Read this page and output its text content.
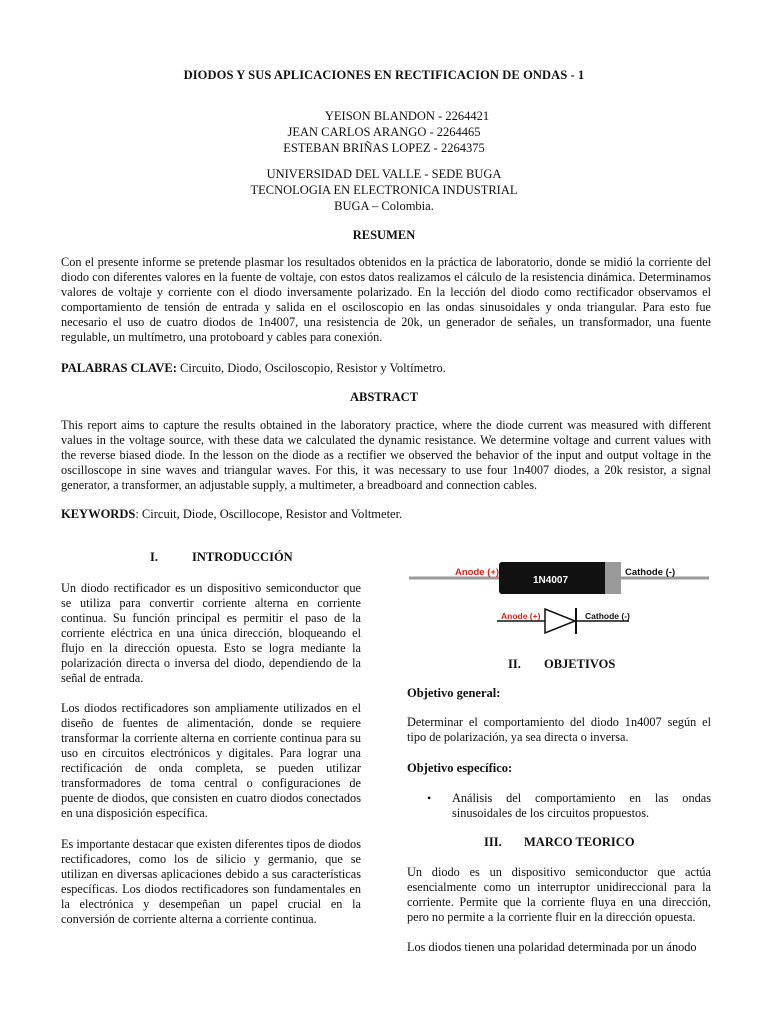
DIODOS Y SUS APLICACIONES EN RECTIFICACION DE ONDAS - 1
YEISON BLANDON - 2264421
JEAN CARLOS ARANGO - 2264465
ESTEBAN BRIÑAS LOPEZ - 2264375
UNIVERSIDAD DEL VALLE - SEDE BUGA
TECNOLOGIA EN ELECTRONICA INDUSTRIAL
BUGA – Colombia.
RESUMEN

Con el presente informe se pretende plasmar los resultados obtenidos en la práctica de laboratorio, donde se midió la corriente del diodo con diferentes valores en la fuente de voltaje, con estos datos realizamos el cálculo de la resistencia dinámica. Determinamos valores de voltaje y corriente con el diodo inversamente polarizado. En la lección del diodo como rectificador observamos el comportamiento de tensión de entrada y salida en el osciloscopio en las ondas sinusoidales y onda triangular. Para esto fue necesario el uso de cuatro diodos de 1n4007, una resistencia de 20k, un generador de señales, un transformador, una fuente regulable, un multímetro, una protoboard y cables para conexión.

PALABRAS CLAVE: Circuito, Diodo, Osciloscopio, Resistor y Voltímetro.
ABSTRACT

This report aims to capture the results obtained in the laboratory practice, where the diode current was measured with different values in the voltage source, with these data we calculated the dynamic resistance. We determine voltage and current values with the reverse biased diode. In the lesson on the diode as a rectifier we observed the behavior of the input and output voltage in the oscilloscope in sine waves and triangular waves. For this, it was necessary to use four 1n4007 diodes, a 20k resistor, a signal generator, a transformer, an adjustable supply, a multimeter, a breadboard and connection cables.

KEYWORDS: Circuit, Diode, Oscillocope, Resistor and Voltmeter.
I.	INTRODUCCIÓN

Un diodo rectificador es un dispositivo semiconductor que se utiliza para convertir corriente alterna en corriente continua. Su función principal es permitir el paso de la corriente eléctrica en una única dirección, bloqueando el flujo en la dirección opuesta. Esto se logra mediante la polarización directa o inversa del diodo, dependiendo de la señal de entrada.

Los diodos rectificadores son ampliamente utilizados en el diseño de fuentes de alimentación, donde se requiere transformar la corriente alterna en corriente continua para su uso en circuitos electrónicos y digitales. Para lograr una rectificación de onda completa, se pueden utilizar transformadores de toma central o configuraciones de puente de diodos, que consisten en cuatro diodos conectados en una disposición específica.

Es importante destacar que existen diferentes tipos de diodos rectificadores, como los de silicio y germanio, que se utilizan en diversas aplicaciones debido a sus características específicas. Los diodos rectificadores son fundamentales en la electrónica y desempeñan un papel crucial en la conversión de corriente alterna a corriente continua.

Anode (+)
1N4007
Cathode (-)
Anode (+)	Cathode (-)
II. OBJETIVOS
Objetivo general:

Determinar el comportamiento del diodo 1n4007 según el tipo de polarización, ya sea directa o inversa.

Objetivo específico:
• Análisis del comportamiento en las ondas sinusoidales de los circuitos propuestos.
III. MARCO TEORICO

Un diodo es un dispositivo semiconductor que actúa esencialmente como un interruptor unidireccional para la corriente. Permite que la corriente fluya en una dirección, pero no permite a la corriente fluir en la dirección opuesta.

Los diodos tienen una polaridad determinada por un ánodo
